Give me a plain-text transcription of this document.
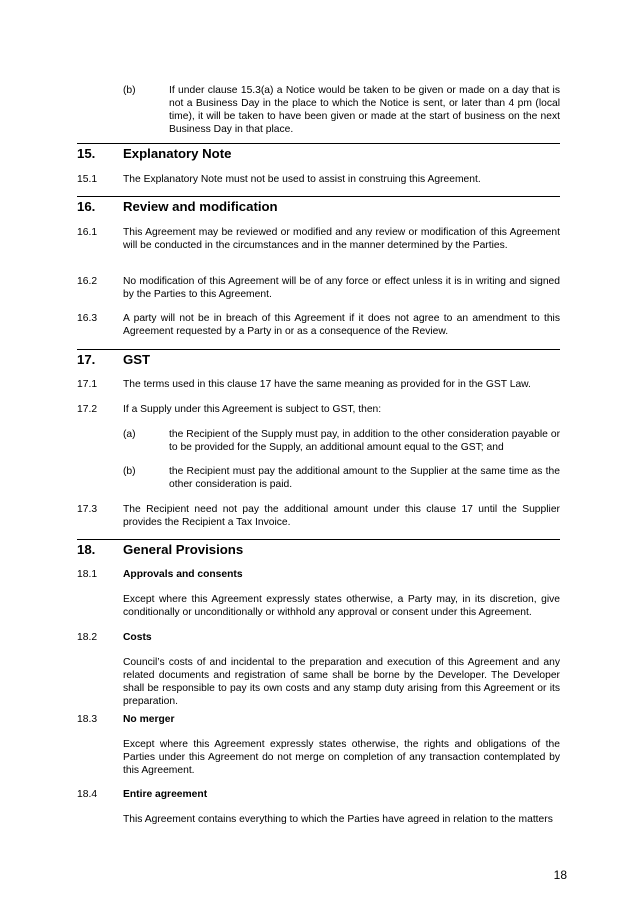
(b)	If under clause 15.3(a) a Notice would be taken to be given or made on a day that is not a Business Day in the place to which the Notice is sent, or later than 4 pm (local time), it will be taken to have been given or made at the start of business on the next Business Day in that place.

15. Explanatory Note
15.1	The Explanatory Note must not be used to assist in construing this Agreement.

16. Review and modification
16.1	This Agreement may be reviewed or modified and any review or modification of this Agreement will be conducted in the circumstances and in the manner determined by the Parties.

16.2	No modification of this Agreement will be of any force or effect unless it is in writing and signed by the Parties to this Agreement.

16.3	A party will not be in breach of this Agreement if it does not agree to an amendment to this Agreement requested by a Party in or as a consequence of the Review.

17. GST
17.1	The terms used in this clause 17 have the same meaning as provided for in the GST Law.

17.2	If a Supply under this Agreement is subject to GST, then:

(a)	the Recipient of the Supply must pay, in addition to the other consideration payable or to be provided for the Supply, an additional amount equal to the GST; and

(b)	the Recipient must pay the additional amount to the Supplier at the same time as the other consideration is paid.

17.3	The Recipient need not pay the additional amount under this clause 17 until the Supplier provides the Recipient a Tax Invoice.

18. General Provisions
18.1	Approvals and consents

Except where this Agreement expressly states otherwise, a Party may, in its discretion, give conditionally or unconditionally or withhold any approval or consent under this Agreement.

18.2	Costs

Council’s costs of and incidental to the preparation and execution of this Agreement and any related documents and registration of same shall be borne by the Developer. The Developer shall be responsible to pay its own costs and any stamp duty arising from this Agreement or its preparation.

18.3	No merger

Except where this Agreement expressly states otherwise, the rights and obligations of the Parties under this Agreement do not merge on completion of any transaction contemplated by this Agreement.

18.4	Entire agreement

This Agreement contains everything to which the Parties have agreed in relation to the matters

18
